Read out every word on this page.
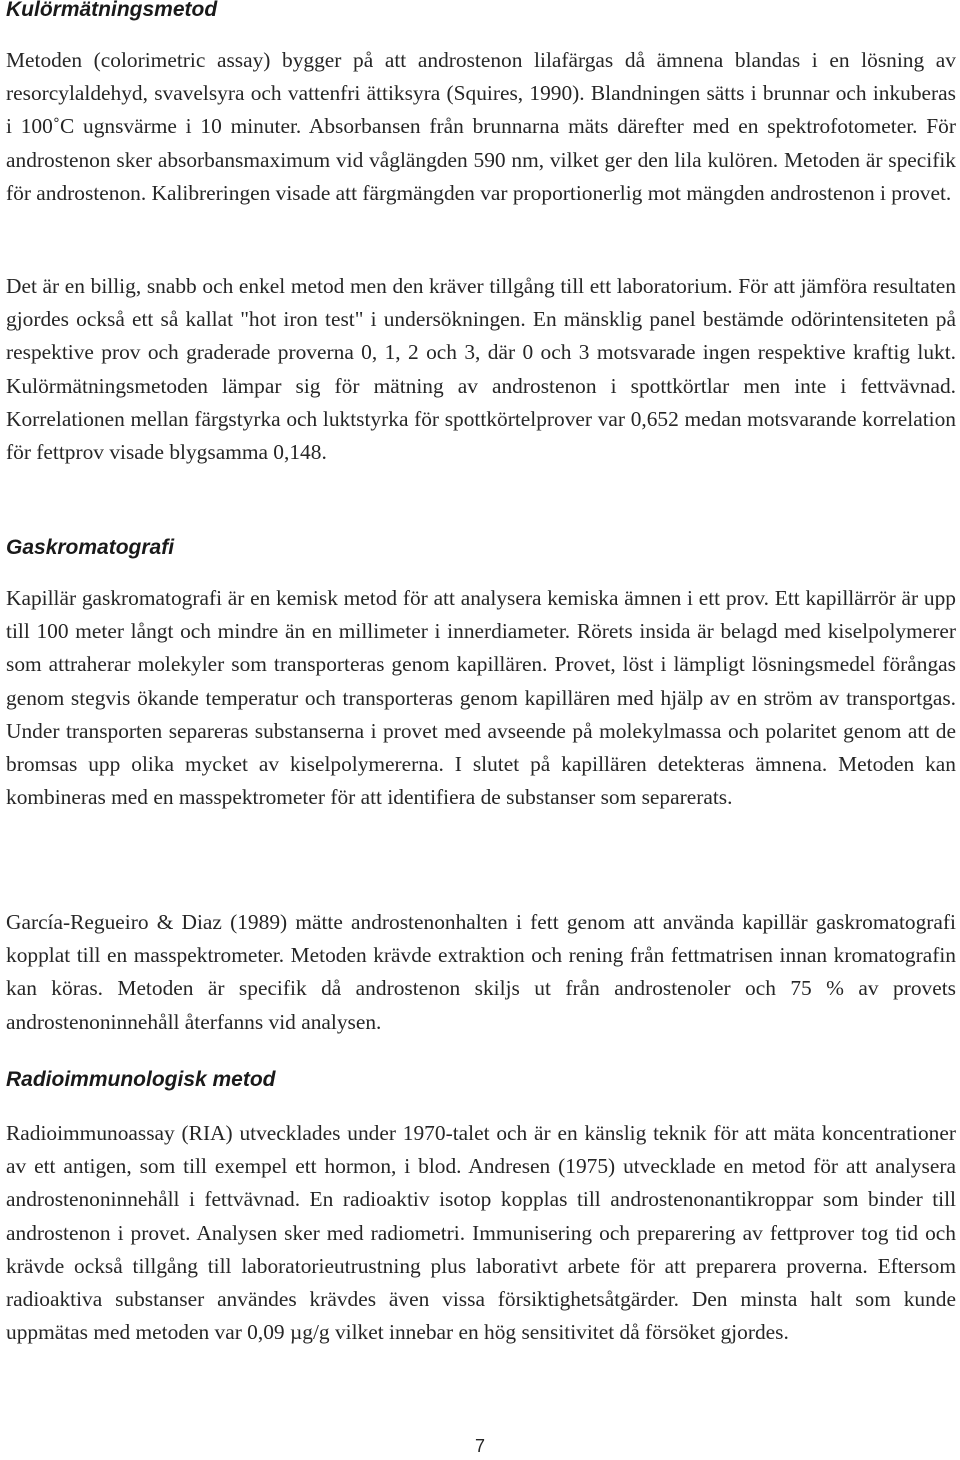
Kulörmätningsmetod

Metoden (colorimetric assay) bygger på att androstenon lilafärgas då ämnena blandas i en lösning av resorcylaldehyd, svavelsyra och vattenfri ättiksyra (Squires, 1990). Blandningen sätts i brunnar och inkuberas i 100˚C ugnsvärme i 10 minuter. Absorbansen från brunnarna mäts därefter med en spektrofotometer. För androstenon sker absorbansmaximum vid våglängden 590 nm, vilket ger den lila kulören. Metoden är specifik för androstenon. Kalibreringen visade att färgmängden var proportionerlig mot mängden androstenon i provet.

Det är en billig, snabb och enkel metod men den kräver tillgång till ett laboratorium. För att jämföra resultaten gjordes också ett så kallat "hot iron test" i undersökningen. En mänsklig panel bestämde odörintensiteten på respektive prov och graderade proverna 0, 1, 2 och 3, där 0 och 3 motsvarade ingen respektive kraftig lukt. Kulörmätningsmetoden lämpar sig för mätning av androstenon i spottkörtlar men inte i fettvävnad. Korrelationen mellan färgstyrka och luktstyrka för spottkörtelprover var 0,652 medan motsvarande korrelation för fettprov visade blygsamma 0,148.

Gaskromatografi

Kapillär gaskromatografi är en kemisk metod för att analysera kemiska ämnen i ett prov. Ett kapillärrör är upp till 100 meter långt och mindre än en millimeter i innerdiameter. Rörets insida är belagd med kiselpolymerer som attraherar molekyler som transporteras genom kapillären. Provet, löst i lämpligt lösningsmedel förångas genom stegvis ökande temperatur och transporteras genom kapillären med hjälp av en ström av transportgas. Under transporten separeras substanserna i provet med avseende på molekylmassa och polaritet genom att de bromsas upp olika mycket av kiselpolymererna. I slutet på kapillären detekteras ämnena. Metoden kan kombineras med en masspektrometer för att identifiera de substanser som separerats.

García-Regueiro & Diaz (1989) mätte androstenonhalten i fett genom att använda kapillär gaskromatografi kopplat till en masspektrometer. Metoden krävde extraktion och rening från fettmatrisen innan kromatografin kan köras. Metoden är specifik då androstenon skiljs ut från androstenoler och 75 % av provets androstenoninnehåll återfanns vid analysen.

Radioimmunologisk metod

Radioimmunoassay (RIA) utvecklades under 1970-talet och är en känslig teknik för att mäta koncentrationer av ett antigen, som till exempel ett hormon, i blod. Andresen (1975) utvecklade en metod för att analysera androstenoninnehåll i fettvävnad. En radioaktiv isotop kopplas till androstenonantikroppar som binder till androstenon i provet. Analysen sker med radiometri. Immunisering och preparering av fettprover tog tid och krävde också tillgång till laboratorieutrustning plus laborativt arbete för att preparera proverna. Eftersom radioaktiva substanser användes krävdes även vissa försiktighetsåtgärder. Den minsta halt som kunde uppmätas med metoden var 0,09 µg/g vilket innebar en hög sensitivitet då försöket gjordes.

7
